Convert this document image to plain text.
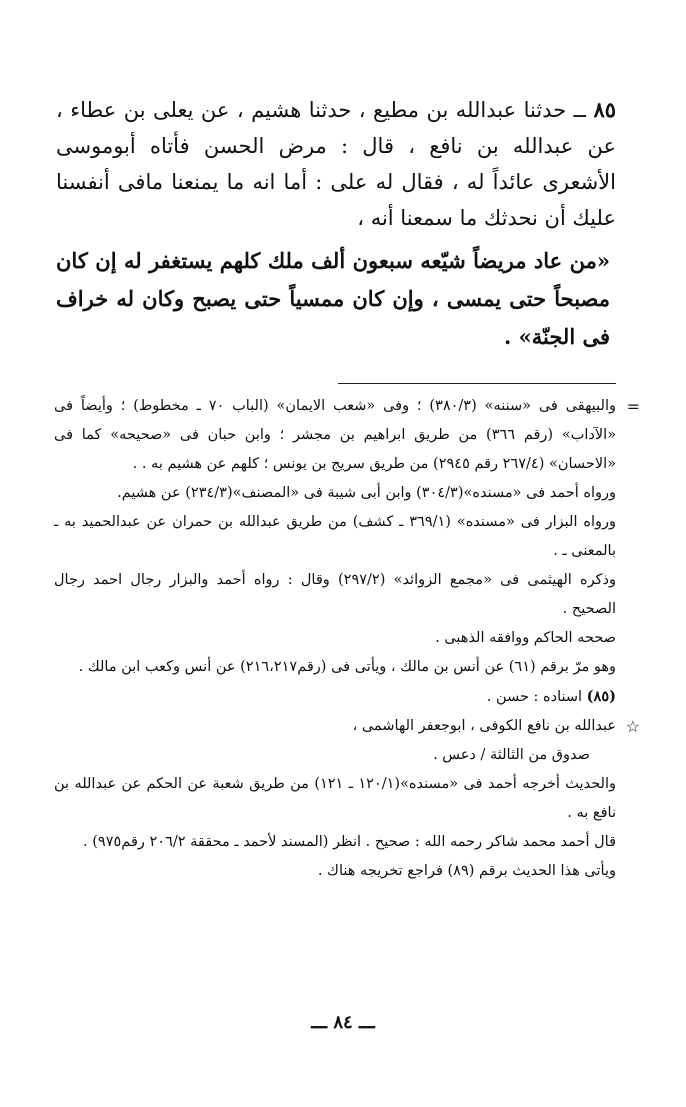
٨٥ ــ حدثنا عبدالله بن مطيع ، حدثنا هشيم ، عن يعلى بن عطاء ، عن عبدالله بن نافع ، قال : مرض الحسن فأتاه أبوموسى الأشعرى عائداً له ، فقال له على : أما انه ما يمنعنا مافى أنفسنا عليك أن نحدثك ما سمعنا أنه ،

«من عاد مريضاً شيّعه سبعون ألف ملك كلهم يستغفر له إن كان مصبحاً حتى يمسى ، وإن كان ممسياً حتى يصبح وكان له خراف فى الجنّة» .

=

والبيهقى فى «سننه» (٣٨٠/٣) ؛ وفى «شعب الايمان» (الباب ٧٠ ـ مخطوط) ؛ وأيضاً فى «الآداب» (رقم ٣٦٦) من طريق ابراهيم بن مجشر ؛ وابن حبان فى «صحيحه» كما فى «الاحسان» (٢٦٧/٤ رقم ٢٩٤٥) من طريق سريج بن يونس ؛ كلهم عن هشيم به . .

ورواه أحمد فى «مسنده»(٣٠٤/٣) وابن أبى شيبة فى «المصنف»(٢٣٤/٣) عن هشيم.

ورواه البزار فى «مسنده» (٣٦٩/١ ـ كشف) من طريق عبدالله بن حمران عن عبدالحميد به ـ بالمعنى ـ .

وذكره الهيثمى فى «مجمع الزوائد» (٢٩٧/٢) وقال : رواه أحمد والبزار رجال احمد رجال الصحيح .

صححه الحاكم ووافقه الذهبى .

وهو مرّ برقم (٦١) عن أنس بن مالك ، ويأتى فى (رقم٢١٦،٢١٧) عن أنس وكعب ابن مالك .

(٨٥) اسناده : حسن .

☆

عبدالله بن نافع الكوفى ، ابوجعفر الهاشمى ،

صدوق من الثالثة / دعس .

والحديث أخرجه أحمد فى «مسنده»(١٢٠/١ ـ ١٢١) من طريق شعبة عن الحكم عن عبدالله بن نافع به .

قال أحمد محمد شاكر رحمه الله : صحيح . انظر (المسند لأحمد ـ محققة ٢٠٦/٢ رقم٩٧٥) .

ويأتى هذا الحديث برقم (٨٩) فراجع تخريجه هناك .

ـــ ٨٤ ـــ
